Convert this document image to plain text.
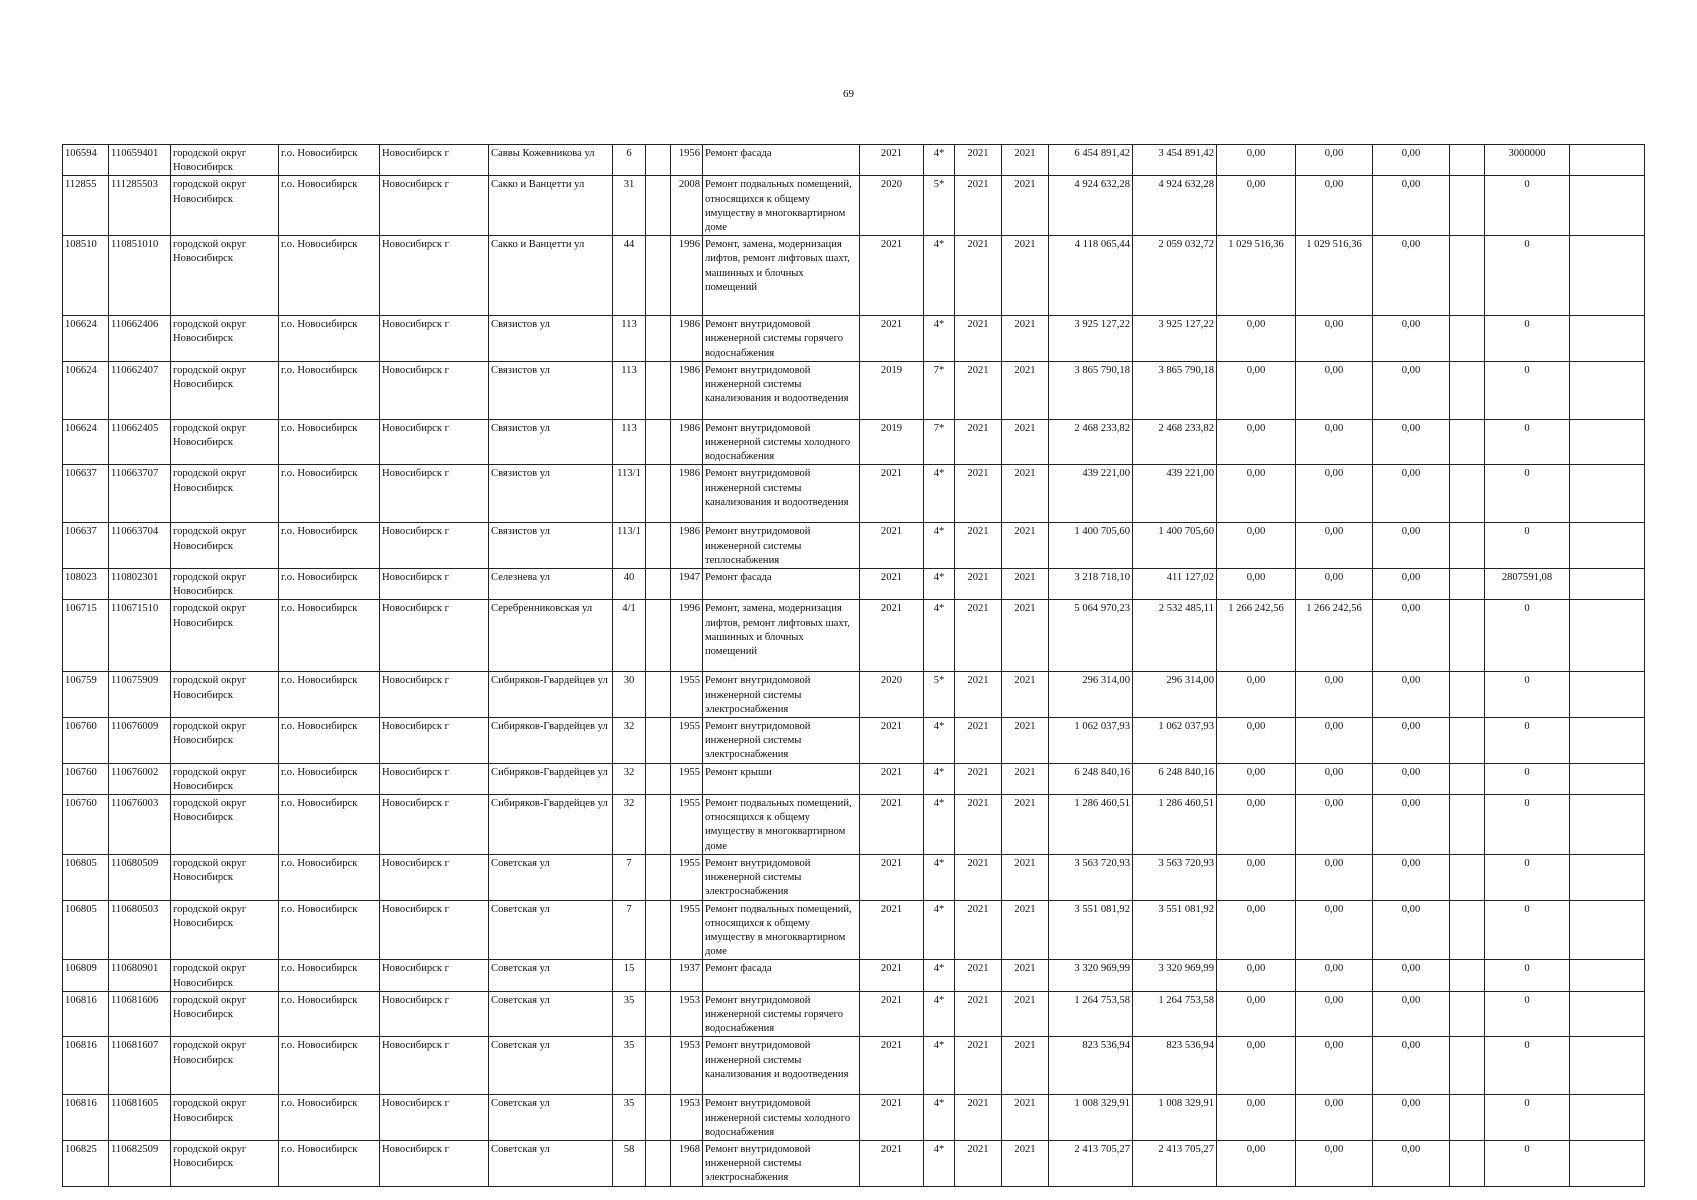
69
106594	110659401	городской округ Новосибирск	г.о. Новосибирск	Новосибирск г	Саввы Кожевникова ул	6		1956	Ремонт фасада	2021	4*	2021	2021	6 454 891,42	3 454 891,42	0,00	0,00	0,00		3000000	
112855	111285503	городской округ Новосибирск	г.о. Новосибирск	Новосибирск г	Сакко и Ванцетти ул	31		2008	Ремонт подвальных помещений, относящихся к общему имуществу в многоквартирном доме	2020	5*	2021	2021	4 924 632,28	4 924 632,28	0,00	0,00	0,00		0	
108510	110851010	городской округ Новосибирск	г.о. Новосибирск	Новосибирск г	Сакко и Ванцетти ул	44		1996	Ремонт, замена, модернизация лифтов, ремонт лифтовых шахт, машинных и блочных помещений	2021	4*	2021	2021	4 118 065,44	2 059 032,72	1 029 516,36	1 029 516,36	0,00		0	
106624	110662406	городской округ Новосибирск	г.о. Новосибирск	Новосибирск г	Связистов ул	113		1986	Ремонт внутридомовой инженерной системы горячего водоснабжения	2021	4*	2021	2021	3 925 127,22	3 925 127,22	0,00	0,00	0,00		0	
106624	110662407	городской округ Новосибирск	г.о. Новосибирск	Новосибирск г	Связистов ул	113		1986	Ремонт внутридомовой инженерной системы канализования и водоотведения	2019	7*	2021	2021	3 865 790,18	3 865 790,18	0,00	0,00	0,00		0	
106624	110662405	городской округ Новосибирск	г.о. Новосибирск	Новосибирск г	Связистов ул	113		1986	Ремонт внутридомовой инженерной системы холодного водоснабжения	2019	7*	2021	2021	2 468 233,82	2 468 233,82	0,00	0,00	0,00		0	
106637	110663707	городской округ Новосибирск	г.о. Новосибирск	Новосибирск г	Связистов ул	113/1		1986	Ремонт внутридомовой инженерной системы канализования и водоотведения	2021	4*	2021	2021	439 221,00	439 221,00	0,00	0,00	0,00		0	
106637	110663704	городской округ Новосибирск	г.о. Новосибирск	Новосибирск г	Связистов ул	113/1		1986	Ремонт внутридомовой инженерной системы теплоснабжения	2021	4*	2021	2021	1 400 705,60	1 400 705,60	0,00	0,00	0,00		0	
108023	110802301	городской округ Новосибирск	г.о. Новосибирск	Новосибирск г	Селезнева ул	40		1947	Ремонт фасада	2021	4*	2021	2021	3 218 718,10	411 127,02	0,00	0,00	0,00		2807591,08	
106715	110671510	городской округ Новосибирск	г.о. Новосибирск	Новосибирск г	Серебренниковская ул	4/1		1996	Ремонт, замена, модернизация лифтов, ремонт лифтовых шахт, машинных и блочных помещений	2021	4*	2021	2021	5 064 970,23	2 532 485,11	1 266 242,56	1 266 242,56	0,00		0	
106759	110675909	городской округ Новосибирск	г.о. Новосибирск	Новосибирск г	Сибиряков-Гвардейцев ул	30		1955	Ремонт внутридомовой инженерной системы электроснабжения	2020	5*	2021	2021	296 314,00	296 314,00	0,00	0,00	0,00		0	
106760	110676009	городской округ Новосибирск	г.о. Новосибирск	Новосибирск г	Сибиряков-Гвардейцев ул	32		1955	Ремонт внутридомовой инженерной системы электроснабжения	2021	4*	2021	2021	1 062 037,93	1 062 037,93	0,00	0,00	0,00		0	
106760	110676002	городской округ Новосибирск	г.о. Новосибирск	Новосибирск г	Сибиряков-Гвардейцев ул	32		1955	Ремонт крыши	2021	4*	2021	2021	6 248 840,16	6 248 840,16	0,00	0,00	0,00		0	
106760	110676003	городской округ Новосибирск	г.о. Новосибирск	Новосибирск г	Сибиряков-Гвардейцев ул	32		1955	Ремонт подвальных помещений, относящихся к общему имуществу в многоквартирном доме	2021	4*	2021	2021	1 286 460,51	1 286 460,51	0,00	0,00	0,00		0	
106805	110680509	городской округ Новосибирск	г.о. Новосибирск	Новосибирск г	Советская ул	7		1955	Ремонт внутридомовой инженерной системы электроснабжения	2021	4*	2021	2021	3 563 720,93	3 563 720,93	0,00	0,00	0,00		0	
106805	110680503	городской округ Новосибирск	г.о. Новосибирск	Новосибирск г	Советская ул	7		1955	Ремонт подвальных помещений, относящихся к общему имуществу в многоквартирном доме	2021	4*	2021	2021	3 551 081,92	3 551 081,92	0,00	0,00	0,00		0	
106809	110680901	городской округ Новосибирск	г.о. Новосибирск	Новосибирск г	Советская ул	15		1937	Ремонт фасада	2021	4*	2021	2021	3 320 969,99	3 320 969,99	0,00	0,00	0,00		0	
106816	110681606	городской округ Новосибирск	г.о. Новосибирск	Новосибирск г	Советская ул	35		1953	Ремонт внутридомовой инженерной системы горячего водоснабжения	2021	4*	2021	2021	1 264 753,58	1 264 753,58	0,00	0,00	0,00		0	
106816	110681607	городской округ Новосибирск	г.о. Новосибирск	Новосибирск г	Советская ул	35		1953	Ремонт внутридомовой инженерной системы канализования и водоотведения	2021	4*	2021	2021	823 536,94	823 536,94	0,00	0,00	0,00		0	
106816	110681605	городской округ Новосибирск	г.о. Новосибирск	Новосибирск г	Советская ул	35		1953	Ремонт внутридомовой инженерной системы холодного водоснабжения	2021	4*	2021	2021	1 008 329,91	1 008 329,91	0,00	0,00	0,00		0	
106825	110682509	городской округ Новосибирск	г.о. Новосибирск	Новосибирск г	Советская ул	58		1968	Ремонт внутридомовой инженерной системы электроснабжения	2021	4*	2021	2021	2 413 705,27	2 413 705,27	0,00	0,00	0,00		0	
